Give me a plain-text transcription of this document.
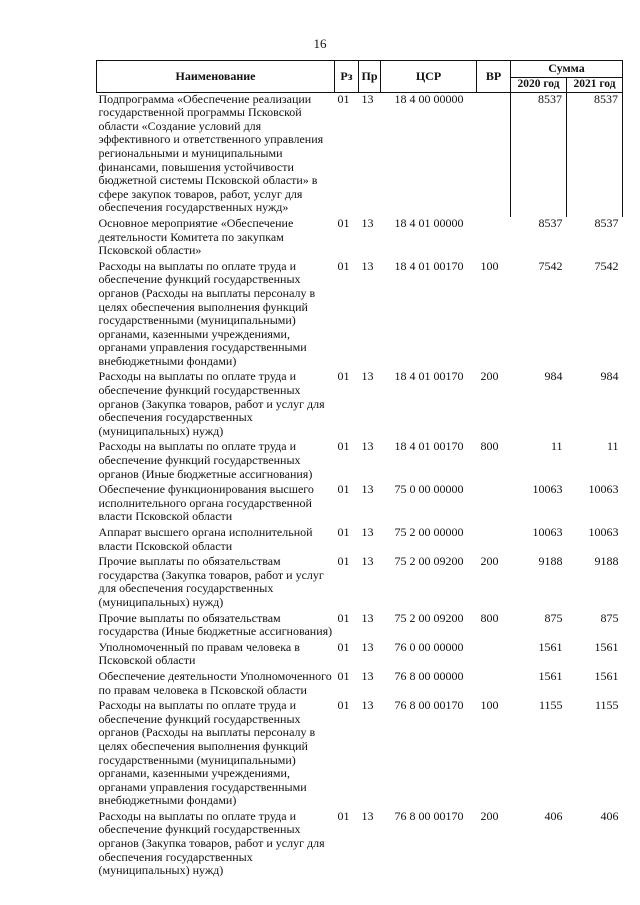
16
Наименование	Рз	Пр	ЦСР	ВР	Сумма	
					2020 год	2021 год
Подпрограмма «Обеспечение реализации государственной программы Псковской области «Создание условий для эффективного и ответственного управления региональными и муниципальными финансами, повышения устойчивости бюджетной системы Псковской области» в сфере закупок товаров, работ, услуг для обеспечения государственных нужд»	01	13	18 4 00 00000		8537	8537
Основное мероприятие «Обеспечение деятельности Комитета по закупкам Псковской области»	01	13	18 4 01 00000		8537	8537
Расходы на выплаты по оплате труда и обеспечение функций государственных органов (Расходы на выплаты персоналу в целях обеспечения выполнения функций государственными (муниципальными) органами, казенными учреждениями, органами управления государственными внебюджетными фондами)	01	13	18 4 01 00170	100	7542	7542
Расходы на выплаты по оплате труда и обеспечение функций государственных органов (Закупка товаров, работ и услуг для обеспечения государственных (муниципальных) нужд)	01	13	18 4 01 00170	200	984	984
Расходы на выплаты по оплате труда и обеспечение функций государственных органов (Иные бюджетные ассигнования)	01	13	18 4 01 00170	800	11	11
Обеспечение функционирования высшего исполнительного органа государственной власти Псковской области	01	13	75 0 00 00000		10063	10063
Аппарат высшего органа исполнительной власти Псковской области	01	13	75 2 00 00000		10063	10063
Прочие выплаты по обязательствам государства (Закупка товаров, работ и услуг для обеспечения государственных (муниципальных) нужд)	01	13	75 2 00 09200	200	9188	9188
Прочие выплаты по обязательствам государства (Иные бюджетные ассигнования)	01	13	75 2 00 09200	800	875	875
Уполномоченный по правам человека в Псковской области	01	13	76 0 00 00000		1561	1561
Обеспечение деятельности Уполномоченного по правам человека в Псковской области	01	13	76 8 00 00000		1561	1561
Расходы на выплаты по оплате труда и обеспечение функций государственных органов (Расходы на выплаты персоналу в целях обеспечения выполнения функций государственными (муниципальными) органами, казенными учреждениями, органами управления государственными внебюджетными фондами)	01	13	76 8 00 00170	100	1155	1155
Расходы на выплаты по оплате труда и обеспечение функций государственных органов (Закупка товаров, работ и услуг для обеспечения государственных (муниципальных) нужд)	01	13	76 8 00 00170	200	406	406
